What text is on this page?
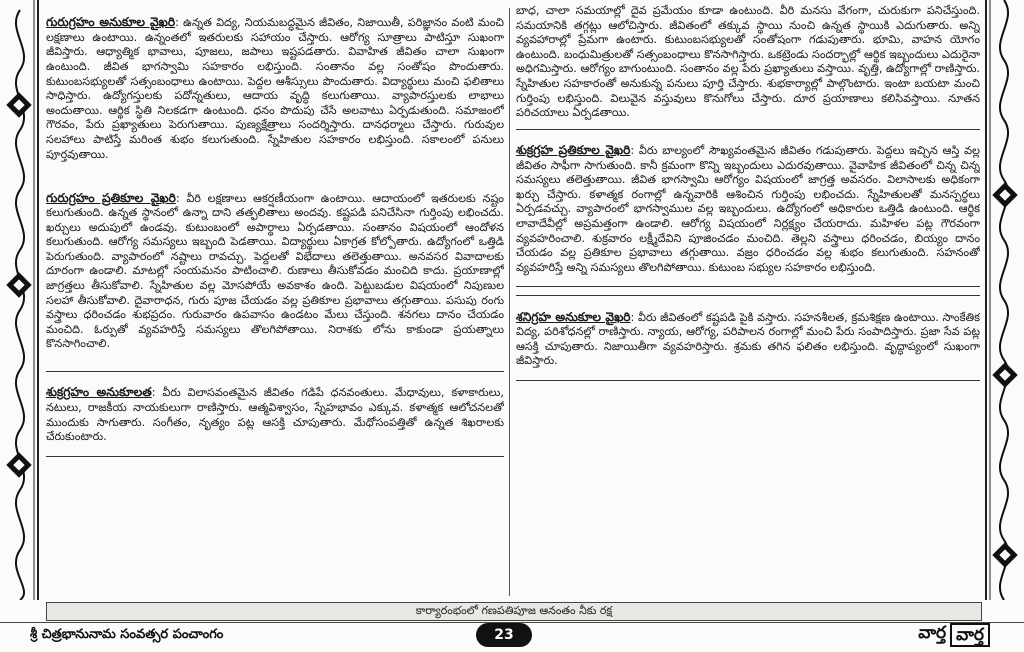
గురుగ్రహం అనుకూల వైఖరి: ఉన్నత విద్య, నియమబద్ధమైన జీవితం, నిజాయితీ, పరిజ్ఞానం వంటి మంచి లక్షణాలు ఉంటాయి. ఉన్నంతలో ఇతరులకు సహాయం చేస్తారు. ఆరోగ్య సూత్రాలు పాటిస్తూ సుఖంగా జీవిస్తారు. ఆధ్యాత్మిక భావాలు, పూజలు, జపాలు ఇష్టపడతారు. వివాహిత జీవితం చాలా సుఖంగా ఉంటుంది. జీవిత భాగస్వామి సహకారం లభిస్తుంది. సంతానం వల్ల సంతోషం పొందుతారు. కుటుంబసభ్యులతో సత్సంబంధాలు ఉంటాయి. పెద్దల ఆశీస్సులు పొందుతారు. విద్యార్థులు మంచి ఫలితాలు సాధిస్తారు. ఉద్యోగస్తులకు పదోన్నతులు, ఆదాయ వృద్ధి కలుగుతాయి. వ్యాపారస్తులకు లాభాలు అందుతాయి. ఆర్థిక స్థితి నిలకడగా ఉంటుంది. ధనం పొదుపు చేసే అలవాటు ఏర్పడుతుంది. సమాజంలో గౌరవం, పేరు ప్రఖ్యాతులు పెరుగుతాయి. పుణ్యక్షేత్రాలు సందర్శిస్తారు. దానధర్మాలు చేస్తారు. గురువుల సలహాలు పాటిస్తే మరింత శుభం కలుగుతుంది. స్నేహితుల సహకారం లభిస్తుంది. సకాలంలో పనులు పూర్తవుతాయి.

గురుగ్రహం ప్రతికూల వైఖరి: వీరి లక్షణాలు ఆకర్షణీయంగా ఉంటాయి. ఆదాయంలో ఇతరులకు నష్టం కలుగుతుంది. ఉన్నత స్థానంలో ఉన్నా దాని తత్ఫలితాలు అందవు. కష్టపడి పనిచేసినా గుర్తింపు లభించదు. ఖర్చులు అదుపులో ఉండవు. కుటుంబంలో అపార్థాలు ఏర్పడతాయి. సంతానం విషయంలో ఆందోళన కలుగుతుంది. ఆరోగ్య సమస్యలు ఇబ్బంది పెడతాయి. విద్యార్థులు ఏకాగ్రత కోల్పోతారు. ఉద్యోగంలో ఒత్తిడి పెరుగుతుంది. వ్యాపారంలో నష్టాలు రావచ్చు. పెద్దలతో విభేదాలు తలెత్తుతాయి. అనవసర వివాదాలకు దూరంగా ఉండాలి. మాటల్లో సంయమనం పాటించాలి. రుణాలు తీసుకోవడం మంచిది కాదు. ప్రయాణాల్లో జాగ్రత్తలు తీసుకోవాలి. స్నేహితుల వల్ల మోసపోయే అవకాశం ఉంది. పెట్టుబడుల విషయంలో నిపుణుల సలహా తీసుకోవాలి. దైవారాధన, గురు పూజ చేయడం వల్ల ప్రతికూల ప్రభావాలు తగ్గుతాయి. పసుపు రంగు వస్త్రాలు ధరించడం శుభప్రదం. గురువారం ఉపవాసం ఉండటం మేలు చేస్తుంది. శనగలు దానం చేయడం మంచిది. ఓర్పుతో వ్యవహరిస్తే సమస్యలు తొలగిపోతాయి. నిరాశకు లోను కాకుండా ప్రయత్నాలు కొనసాగించాలి.

శుక్రగ్రహం అనుకూలత: వీరు విలాసవంతమైన జీవితం గడిపే ధనవంతులు. మేధావులు, కళాకారులు, నటులు, రాజకీయ నాయకులుగా రాణిస్తారు. ఆత్మవిశ్వాసం, స్నేహభావం ఎక్కువ. కళాత్మక ఆలోచనలతో ముందుకు సాగుతారు. సంగీతం, నృత్యం పట్ల ఆసక్తి చూపుతారు. మేధోసంపత్తితో ఉన్నత శిఖరాలకు చేరుకుంటారు.

బాధ, చాలా సమయాల్లో దైవ ప్రమేయం కూడా ఉంటుంది. వీరి మనసు వేగంగా, చురుకుగా పనిచేస్తుంది. సమయానికి తగ్గట్లు ఆలోచిస్తారు. జీవితంలో తక్కువ స్థాయి నుంచి ఉన్నత స్థాయికి ఎదుగుతారు. అన్ని వ్యవహారాల్లో ప్రేమగా ఉంటారు. కుటుంబసభ్యులతో సంతోషంగా గడుపుతారు. భూమి, వాహన యోగం ఉంటుంది. బంధుమిత్రులతో సత్సంబంధాలు కొనసాగిస్తారు. ఒకట్రెండు సందర్భాల్లో ఆర్థిక ఇబ్బందులు ఎదురైనా అధిగమిస్తారు. ఆరోగ్యం బాగుంటుంది. సంతానం వల్ల పేరు ప్రఖ్యాతులు వస్తాయి. వృత్తి, ఉద్యోగాల్లో రాణిస్తారు. స్నేహితుల సహకారంతో అనుకున్న పనులు పూర్తి చేస్తారు. శుభకార్యాల్లో పాల్గొంటారు. ఇంటా బయటా మంచి గుర్తింపు లభిస్తుంది. విలువైన వస్తువులు కొనుగోలు చేస్తారు. దూర ప్రయాణాలు కలిసివస్తాయి. నూతన పరిచయాలు ఏర్పడతాయి.

శుక్రగ్రహ ప్రతికూల వైఖరి: వీరు బాల్యంలో సౌఖ్యవంతమైన జీవితం గడుపుతారు. పెద్దలు ఇచ్చిన ఆస్తి వల్ల జీవితం సాఫీగా సాగుతుంది. కానీ క్రమంగా కొన్ని ఇబ్బందులు ఎదురవుతాయి. వైవాహిక జీవితంలో చిన్న చిన్న సమస్యలు తలెత్తుతాయి. జీవిత భాగస్వామి ఆరోగ్యం విషయంలో జాగ్రత్త అవసరం. విలాసాలకు అధికంగా ఖర్చు చేస్తారు. కళాత్మక రంగాల్లో ఉన్నవారికి ఆశించిన గుర్తింపు లభించదు. స్నేహితులతో మనస్పర్థలు ఏర్పడవచ్చు. వ్యాపారంలో భాగస్వాముల వల్ల ఇబ్బందులు. ఉద్యోగంలో అధికారుల ఒత్తిడి ఉంటుంది. ఆర్థిక లావాదేవీల్లో అప్రమత్తంగా ఉండాలి. ఆరోగ్య విషయంలో నిర్లక్ష్యం చేయరాదు. మహిళల పట్ల గౌరవంగా వ్యవహరించాలి. శుక్రవారం లక్ష్మీదేవిని పూజించడం మంచిది. తెల్లని వస్త్రాలు ధరించడం, బియ్యం దానం చేయడం వల్ల ప్రతికూల ప్రభావాలు తగ్గుతాయి. వజ్రం ధరించడం వల్ల శుభం కలుగుతుంది. సహనంతో వ్యవహరిస్తే అన్ని సమస్యలు తొలగిపోతాయి. కుటుంబ సభ్యుల సహకారం లభిస్తుంది.

శనిగ్రహ అనుకూల వైఖరి: వీరు జీవితంలో కష్టపడి పైకి వస్తారు. సహనశీలత, క్రమశిక్షణ ఉంటాయి. సాంకేతిక విద్య, పరిశోధనల్లో రాణిస్తారు. న్యాయ, ఆరోగ్య, పరిపాలన రంగాల్లో మంచి పేరు సంపాదిస్తారు. ప్రజా సేవ పట్ల ఆసక్తి చూపుతారు. నిజాయితీగా వ్యవహరిస్తారు. శ్రమకు తగిన ఫలితం లభిస్తుంది. వృద్ధాప్యంలో సుఖంగా జీవిస్తారు.

కార్యారంభంలో గణపతిపూజ ఆనంతం నీకు రక్ష
శ్రీ చిత్రభానునామ సంవత్సర పంచాంగం	23	వార్త వార్త
